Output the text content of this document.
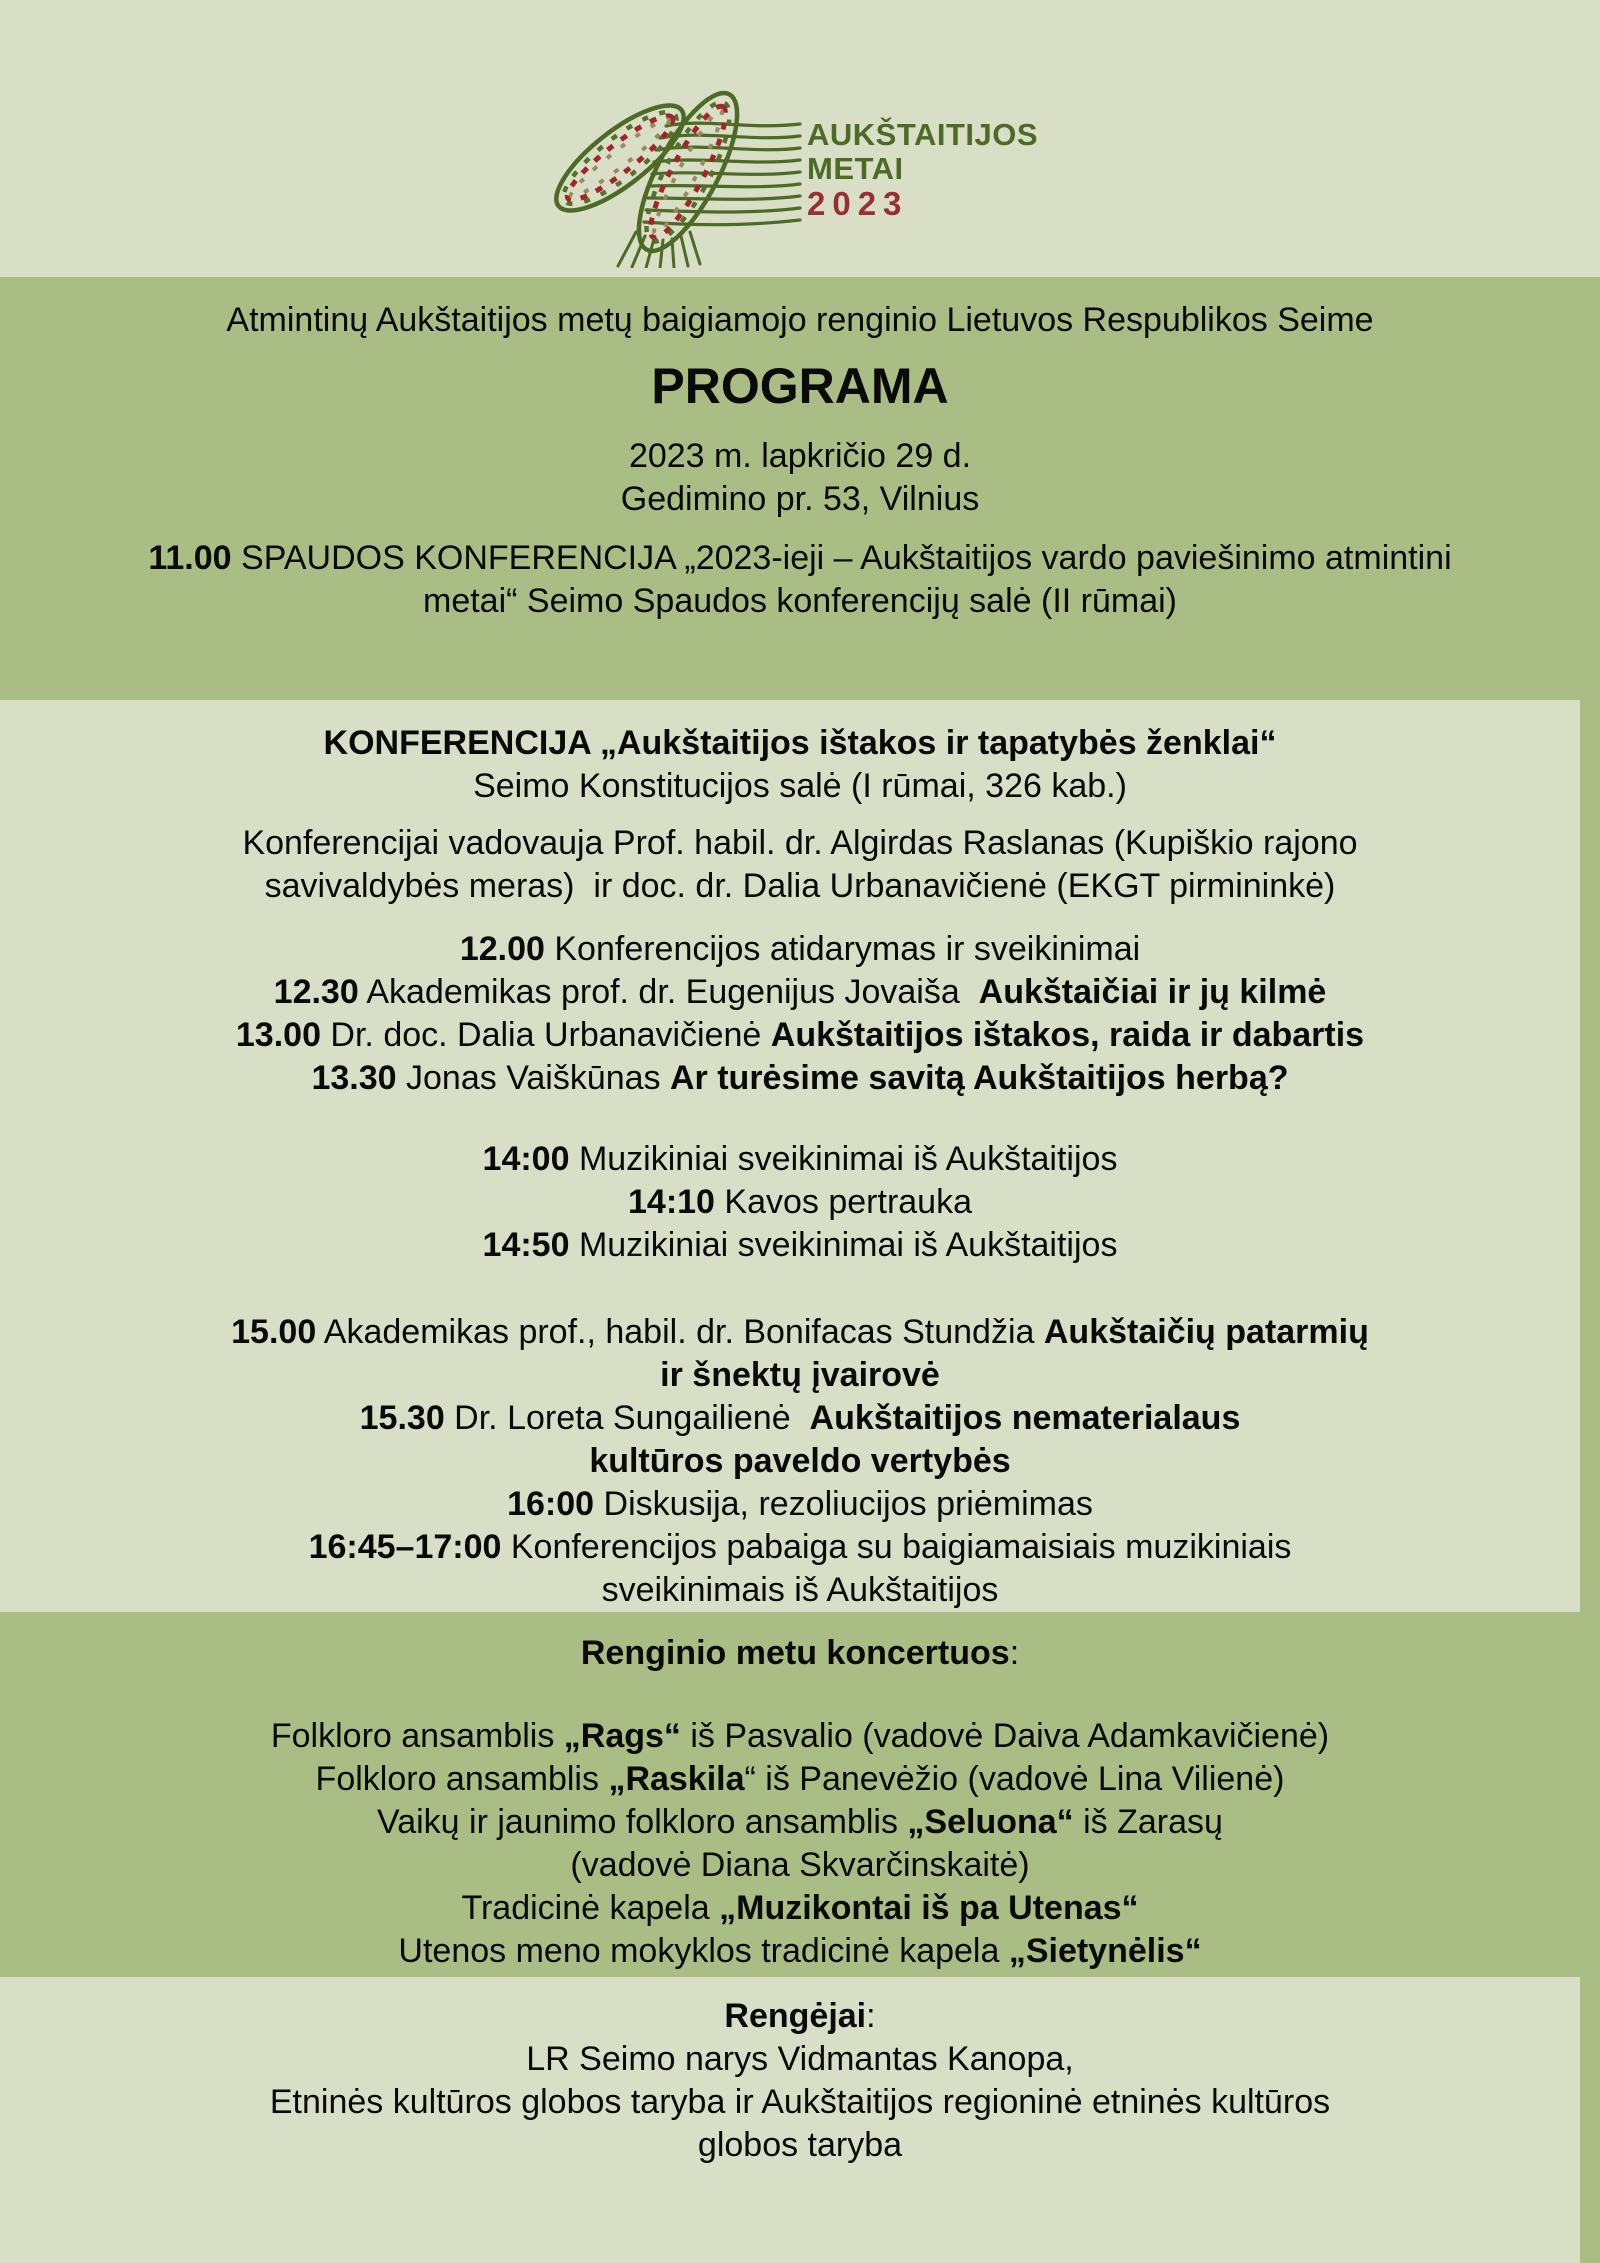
AUKŠTAITIJOS
METAI
2023
Atmintinų Aukštaitijos metų baigiamojo renginio Lietuvos Respublikos Seime
PROGRAMA
2023 m. lapkričio 29 d.
Gedimino pr. 53, Vilnius
11.00 SPAUDOS KONFERENCIJA „2023-ieji – Aukštaitijos vardo paviešinimo atmintini
metai“ Seimo Spaudos konferencijų salė (II rūmai)
KONFERENCIJA „Aukštaitijos ištakos ir tapatybės ženklai“
Seimo Konstitucijos salė (I rūmai, 326 kab.)
Konferencijai vadovauja Prof. habil. dr. Algirdas Raslanas (Kupiškio rajono
savivaldybės meras)  ir doc. dr. Dalia Urbanavičienė (EKGT pirmininkė)
12.00 Konferencijos atidarymas ir sveikinimai
12.30 Akademikas prof. dr. Eugenijus Jovaiša  Aukštaičiai ir jų kilmė
13.00 Dr. doc. Dalia Urbanavičienė Aukštaitijos ištakos, raida ir dabartis
13.30 Jonas Vaiškūnas Ar turėsime savitą Aukštaitijos herbą?
14:00 Muzikiniai sveikinimai iš Aukštaitijos
14:10 Kavos pertrauka
14:50 Muzikiniai sveikinimai iš Aukštaitijos
15.00 Akademikas prof., habil. dr. Bonifacas Stundžia Aukštaičių patarmių
ir šnektų įvairovė
15.30 Dr. Loreta Sungailienė  Aukštaitijos nematerialaus
kultūros paveldo vertybės
16:00 Diskusija, rezoliucijos priėmimas
16:45–17:00 Konferencijos pabaiga su baigiamaisiais muzikiniais
sveikinimais iš Aukštaitijos
Renginio metu koncertuos:
Folkloro ansamblis „Rags“ iš Pasvalio (vadovė Daiva Adamkavičienė)
Folkloro ansamblis „Raskila“ iš Panevėžio (vadovė Lina Vilienė)
Vaikų ir jaunimo folkloro ansamblis „Seluona“ iš Zarasų
(vadovė Diana Skvarčinskaitė)
Tradicinė kapela „Muzikontai iš pa Utenas“
Utenos meno mokyklos tradicinė kapela „Sietynėlis“
Rengėjai:
LR Seimo narys Vidmantas Kanopa,
Etninės kultūros globos taryba ir Aukštaitijos regioninė etninės kultūros
globos taryba
